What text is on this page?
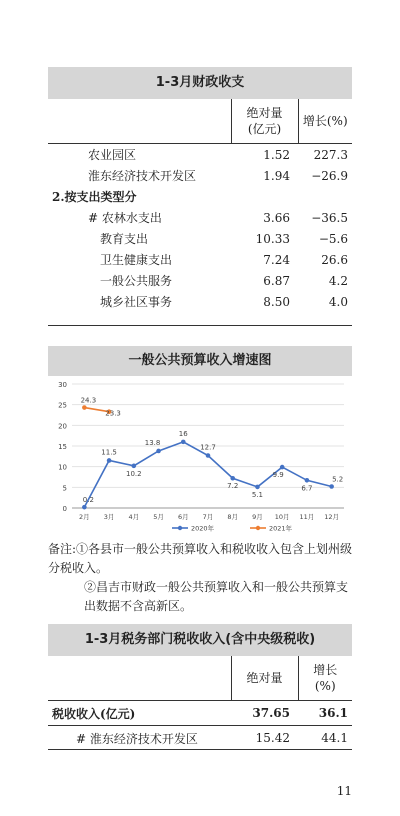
1-3月财政收支
	绝对量
(亿元)	增长(%)
农业园区	1.52	227.3
淮东经济技术开发区	1.94	−26.9
2.按支出类型分		
# 农林水支出	3.66	−36.5
教育支出	10.33	−5.6
卫生健康支出	7.24	26.6
一般公共服务	6.87	4.2
城乡社区事务	8.50	4.0
一般公共预算收入增速图
0
5
10
15
20
25
30
2月 3月 4月 5月 6月 7月 8月 9月 10月 11月 12月
0.2
11.5
10.2
13.8
16
12.7
7.2
5.1
9.9
6.7
5.2
24.3
23.3
2020年	2021年

备注:①各县市一般公共预算收入和税收收入包含上划州级分税收入。

②昌吉市财政一般公共预算收入和一般公共预算支出数据不含高新区。

1-3月税务部门税收收入(含中央级税收)
	绝对量	增长
(%)
税收收入(亿元)	37.65	36.1
# 淮东经济技术开发区	15.42	44.1
11
